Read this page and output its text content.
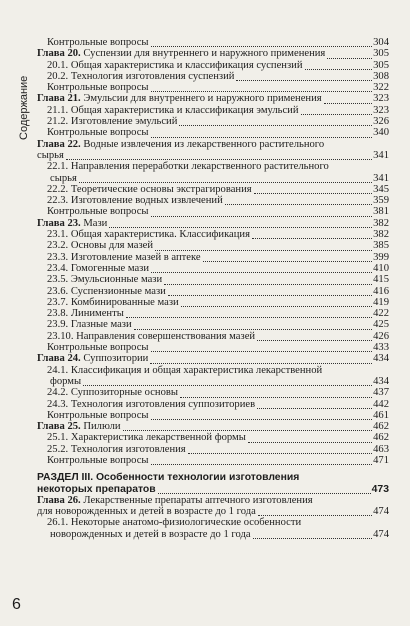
Содержание
Контрольные вопросы	304
Глава 20. Суспензии для внутреннего и наружного применения	305
20.1. Общая характеристика и классификация суспензий	305
20.2. Технология изготовления суспензий	308
Контрольные вопросы	322
Глава 21. Эмульсии для внутреннего и наружного применения	323
21.1. Общая характеристика и классификация эмульсий	323
21.2. Изготовление эмульсий	326
Контрольные вопросы	340
Глава 22. Водные извлечения из лекарственного растительного
сырья	341
22.1. Направления переработки лекарственного растительного
сырья	341
22.2. Теоретические основы экстрагирования	345
22.3. Изготовление водных извлечений	359
Контрольные вопросы	381
Глава 23. Мази	382
23.1. Общая характеристика. Классификация	382
23.2. Основы для мазей	385
23.3. Изготовление мазей в аптеке	399
23.4. Гомогенные мази	410
23.5. Эмульсионные мази	415
23.6. Суспензионные мази	416
23.7. Комбинированные мази	419
23.8. Линименты	422
23.9. Глазные мази	425
23.10. Направления совершенствования мазей	426
Контрольные вопросы	433
Глава 24. Суппозитории	434
24.1. Классификация и общая характеристика лекарственной
формы	434
24.2. Суппозиторные основы	437
24.3. Технология изготовления суппозиториев	442
Контрольные вопросы	461
Глава 25. Пилюли	462
25.1. Характеристика лекарственной формы	462
25.2. Технология изготовления	463
Контрольные вопросы	471
РАЗДЕЛ III. Особенности технологии изготовления
некоторых препаратов	473
Глава 26. Лекарственные препараты аптечного изготовления
для новорожденных и детей в возрасте до 1 года	474
26.1. Некоторые анатомо-физиологические особенности
новорожденных и детей в возрасте до 1 года	474
6
